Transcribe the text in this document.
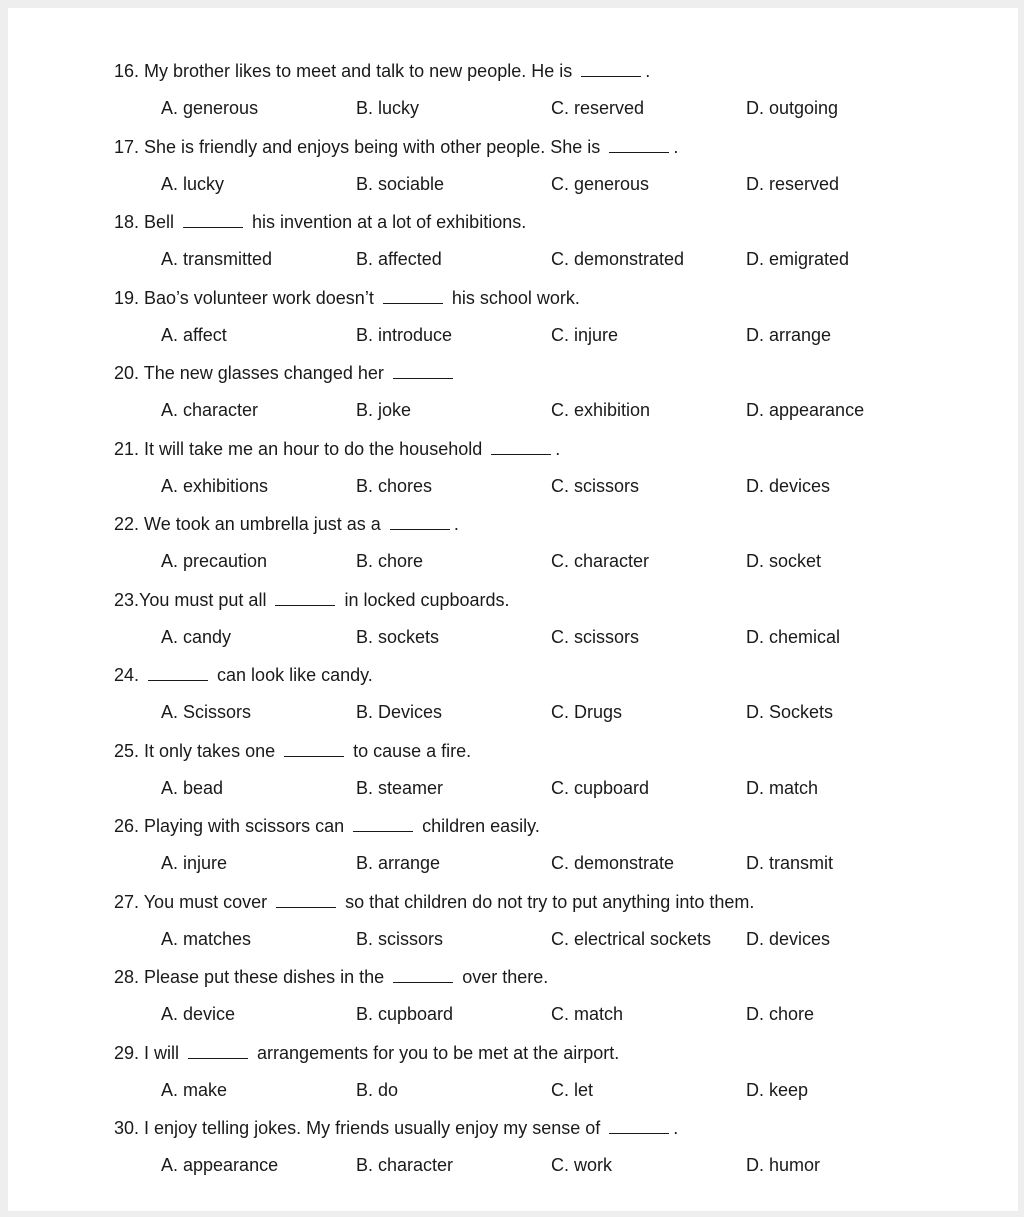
16. My brother likes to meet and talk to new people. He is	.
A. generous	B. lucky	C. reserved	D. outgoing
17. She is friendly and enjoys being with other people. She is	.
A. lucky	B. sociable	C. generous	D. reserved
18. Bell	his invention at a lot of exhibitions.
A. transmitted	B. affected	C. demonstrated	D. emigrated
19. Bao’s volunteer work doesn’t	his school work.
A. affect	B. introduce	C. injure	D. arrange
20. The new glasses changed her
A. character	B. joke	C. exhibition	D. appearance
21. It will take me an hour to do the household	.
A. exhibitions	B. chores	C. scissors	D. devices
22. We took an umbrella just as a	.
A. precaution	B. chore	C. character	D. socket
23.You must put all	in locked cupboards.
A. candy	B. sockets	C. scissors	D. chemical
24.	can look like candy.
A. Scissors	B. Devices	C. Drugs	D. Sockets
25. It only takes one	to cause a fire.
A. bead	B. steamer	C. cupboard	D. match
26. Playing with scissors can	children easily.
A. injure	B. arrange	C. demonstrate	D. transmit
27. You must cover	so that children do not try to put anything into them.
A. matches	B. scissors	C. electrical sockets D. devices
28. Please put these dishes in the	over there.
A. device	B. cupboard	C. match	D. chore
29. I will	arrangements for you to be met at the airport.
A. make	B. do	C. let	D. keep
30. I enjoy telling jokes. My friends usually enjoy my sense of	.
A. appearance	B. character	C. work	D. humor
